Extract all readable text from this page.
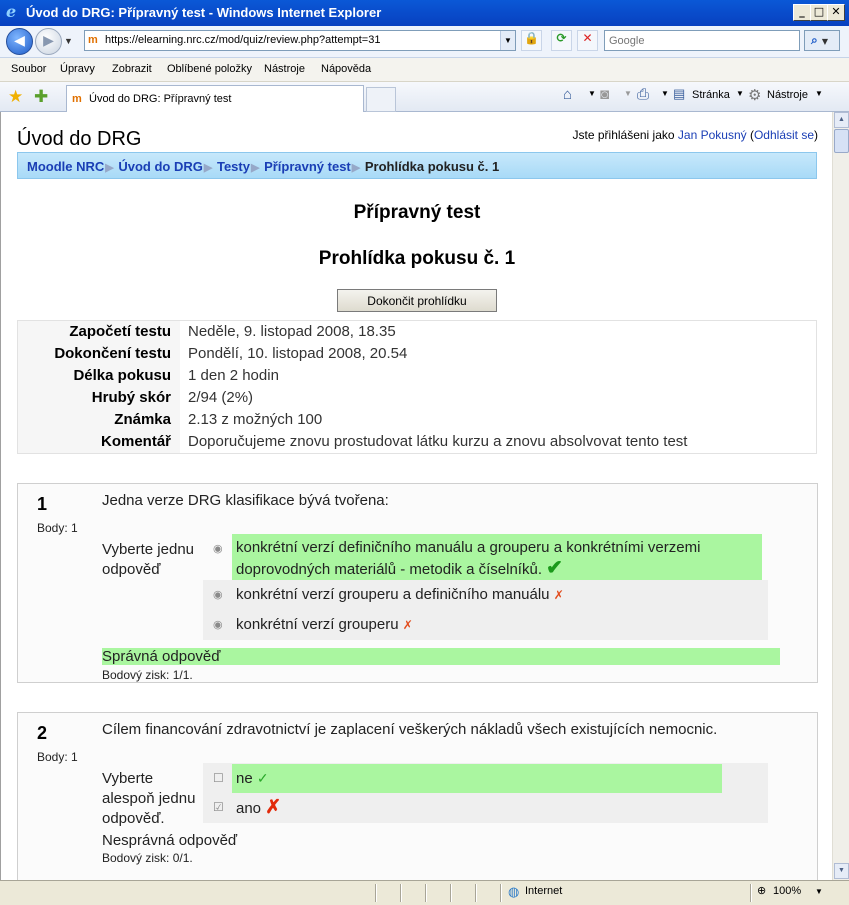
e Úvod do DRG: Přípravný test - Windows Internet Explorer	_ □ ✕
◀	▶	▼ m https://elearning.nrc.cz/mod/quiz/review.php?attempt=31	▼ 🔒	⟳	✕
Google	⌕ ▼
Soubor Úpravy Zobrazit Oblíbené položky Nástroje Nápověda
★ ✚ m Úvod do DRG: Přípravný test	⌂ ▼ ◙ ▼ ⎙ ▼ ▤ Stránka ▼ ⚙ Nástroje ▼
Úvod do DRG	Jste přihlášeni jako Jan Pokusný (Odhlásit se)
Moodle NRC▶ Úvod do DRG▶ Testy▶ Přípravný test▶ Prohlídka pokusu č. 1
Přípravný test
Prohlídka pokusu č. 1
Dokončit prohlídku
Započetí testu	Neděle, 9. listopad 2008, 18.35
Dokončení testu	Pondělí, 10. listopad 2008, 20.54
Délka pokusu	1 den 2 hodin
Hrubý skór	2/94 (2%)
Známka	2.13 z možných 100
Komentář	Doporučujeme znovu prostudovat látku kurzu a znovu absolvovat tento test
1
Body: 1
Jedna verze DRG klasifikace bývá tvořena:
Vyberte jednu
odpověď
◉ konkrétní verzí definičního manuálu a grouperu a konkrétními verzemi
doprovodných materiálů - metodik a číselníků. ✔
◉ konkrétní verzí grouperu a definičního manuálu ✗
◉ konkrétní verzí grouperu ✗
Správná odpověď
Bodový zisk: 1/1.
2
Body: 1
Cílem financování zdravotnictví je zaplacení veškerých nákladů všech existujících nemocnic.
Vyberte
alespoň jednu
odpověď.
☐ ne ✓
☑ ano ✗
Nesprávná odpověď
Bodový zisk: 0/1.
▲
▼
◍ Internet	⊕ 100% ▼
